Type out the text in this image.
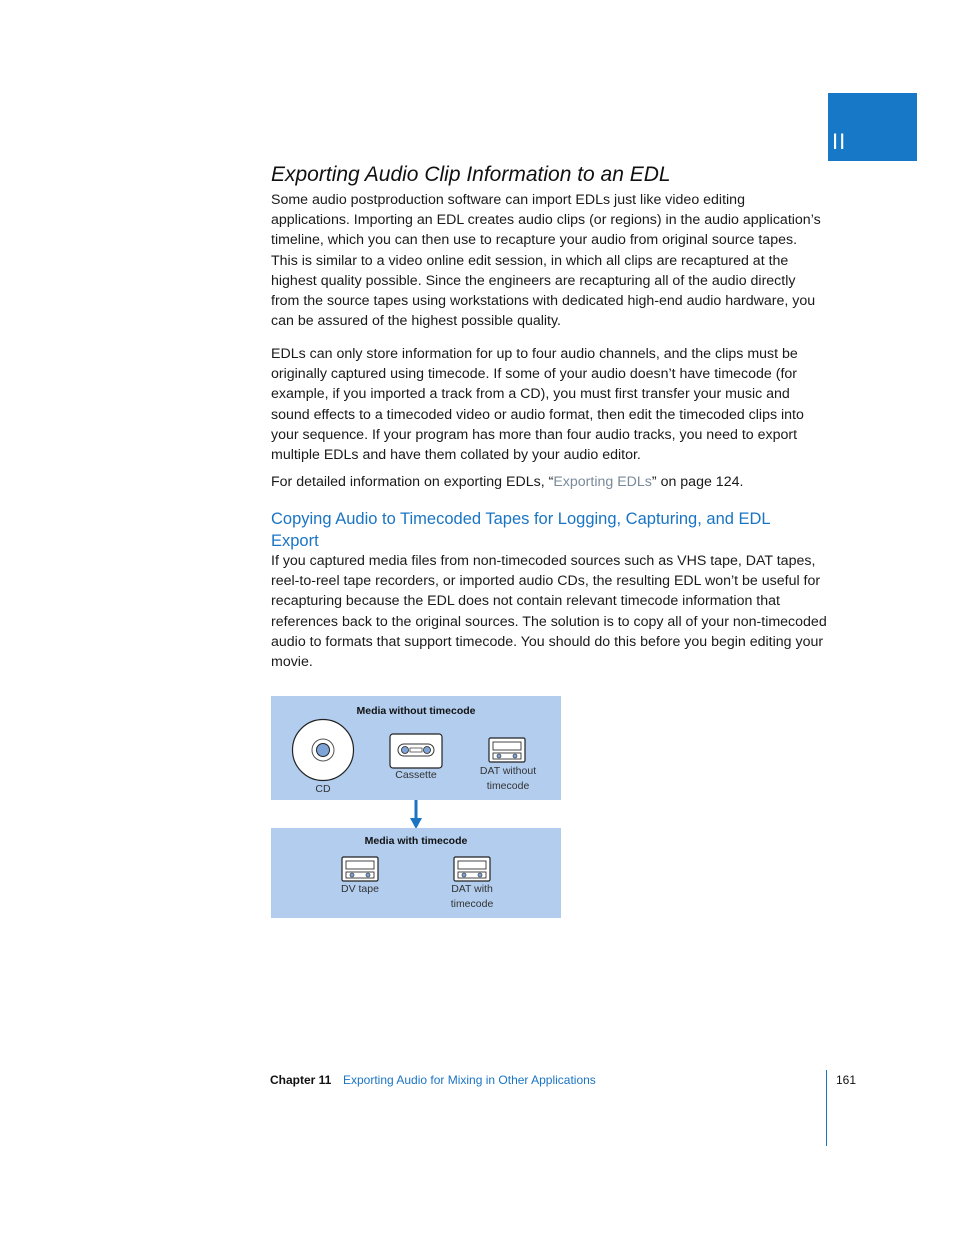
II
Exporting Audio Clip Information to an EDL

Some audio postproduction software can import EDLs just like video editing applications. Importing an EDL creates audio clips (or regions) in the audio application’s timeline, which you can then use to recapture your audio from original source tapes. This is similar to a video online edit session, in which all clips are recaptured at the highest quality possible. Since the engineers are recapturing all of the audio directly from the source tapes using workstations with dedicated high-end audio hardware, you can be assured of the highest possible quality.

EDLs can only store information for up to four audio channels, and the clips must be originally captured using timecode. If some of your audio doesn’t have timecode (for example, if you imported a track from a CD), you must first transfer your music and sound effects to a timecoded video or audio format, then edit the timecoded clips into your sequence. If your program has more than four audio tracks, you need to export multiple EDLs and have them collated by your audio editor.

For detailed information on exporting EDLs, “Exporting EDLs” on page 124.

Copying Audio to Timecoded Tapes for Logging, Capturing, and EDL Export

If you captured media files from non-timecoded sources such as VHS tape, DAT tapes, reel-to-reel tape recorders, or imported audio CDs, the resulting EDL won’t be useful for recapturing because the EDL does not contain relevant timecode information that references back to the original sources. The solution is to copy all of your non-timecoded audio to formats that support timecode. You should do this before you begin editing your movie.

Media without timecode
CD
Cassette	DAT without
timecode
Media with timecode
DV tape	DAT with
timecode
Chapter 11 Exporting Audio for Mixing in Other Applications	161
